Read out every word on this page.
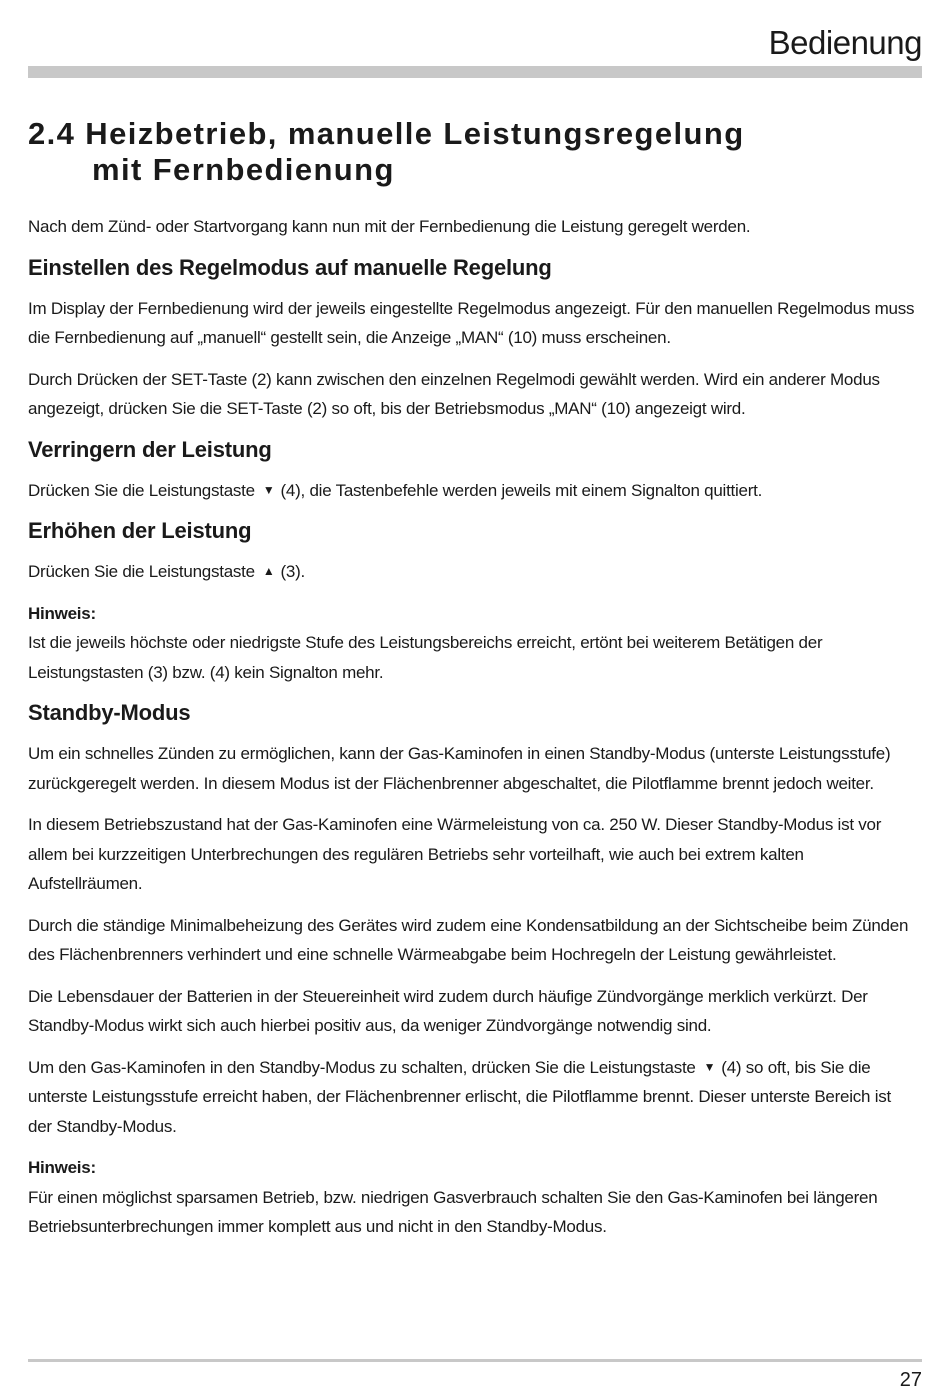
Bedienung
2.4 Heizbetrieb, manuelle Leistungsregelung
mit Fernbedienung

Nach dem Zünd- oder Startvorgang kann nun mit der Fernbedienung die Leistung geregelt werden.

Einstellen des Regelmodus auf manuelle Regelung

Im Display der Fernbedienung wird der jeweils eingestellte Regelmodus angezeigt. Für den manuellen Regelmodus muss die Fernbedienung auf „manuell“ gestellt sein, die Anzeige „MAN“ (10) muss erscheinen.

Durch Drücken der SET-Taste (2) kann zwischen den einzelnen Regelmodi gewählt werden. Wird ein anderer Modus angezeigt, drücken Sie die SET-Taste (2) so oft, bis der Betriebsmodus „MAN“ (10) angezeigt wird.

Verringern der Leistung

Drücken Sie die Leistungstaste ▼ (4), die Tastenbefehle werden jeweils mit einem Signalton quittiert.

Erhöhen der Leistung

Drücken Sie die Leistungstaste ▲ (3).

Hinweis:
Ist die jeweils höchste oder niedrigste Stufe des Leistungsbereichs erreicht, ertönt bei weiterem Betätigen der Leistungstasten (3) bzw. (4) kein Signalton mehr.

Standby-Modus

Um ein schnelles Zünden zu ermöglichen, kann der Gas-Kaminofen in einen Standby-Modus (unterste Leistungsstufe) zurückgeregelt werden. In diesem Modus ist der Flächenbrenner abgeschaltet, die Pilotflamme brennt jedoch weiter.

In diesem Betriebszustand hat der Gas-Kaminofen eine Wärmeleistung von ca. 250 W. Dieser Standby-Modus ist vor allem bei kurzzeitigen Unterbrechungen des regulären Betriebs sehr vorteilhaft, wie auch bei extrem kalten Aufstellräumen.

Durch die ständige Minimalbeheizung des Gerätes wird zudem eine Kondensatbildung an der Sichtscheibe beim Zünden des Flächenbrenners verhindert und eine schnelle Wärmeabgabe beim Hochregeln der Leistung gewährleistet.

Die Lebensdauer der Batterien in der Steuereinheit wird zudem durch häufige Zündvorgänge merklich verkürzt. Der Standby-Modus wirkt sich auch hierbei positiv aus, da weniger Zündvorgänge notwendig sind.

Um den Gas-Kaminofen in den Standby-Modus zu schalten, drücken Sie die Leistungstaste ▼ (4) so oft, bis Sie die unterste Leistungsstufe erreicht haben, der Flächenbrenner erlischt, die Pilotflamme brennt. Dieser unterste Bereich ist der Standby-Modus.

Hinweis:
Für einen möglichst sparsamen Betrieb, bzw. niedrigen Gasverbrauch schalten Sie den Gas-Kaminofen bei längeren Betriebsunterbrechungen immer komplett aus und nicht in den Standby-Modus.

27
